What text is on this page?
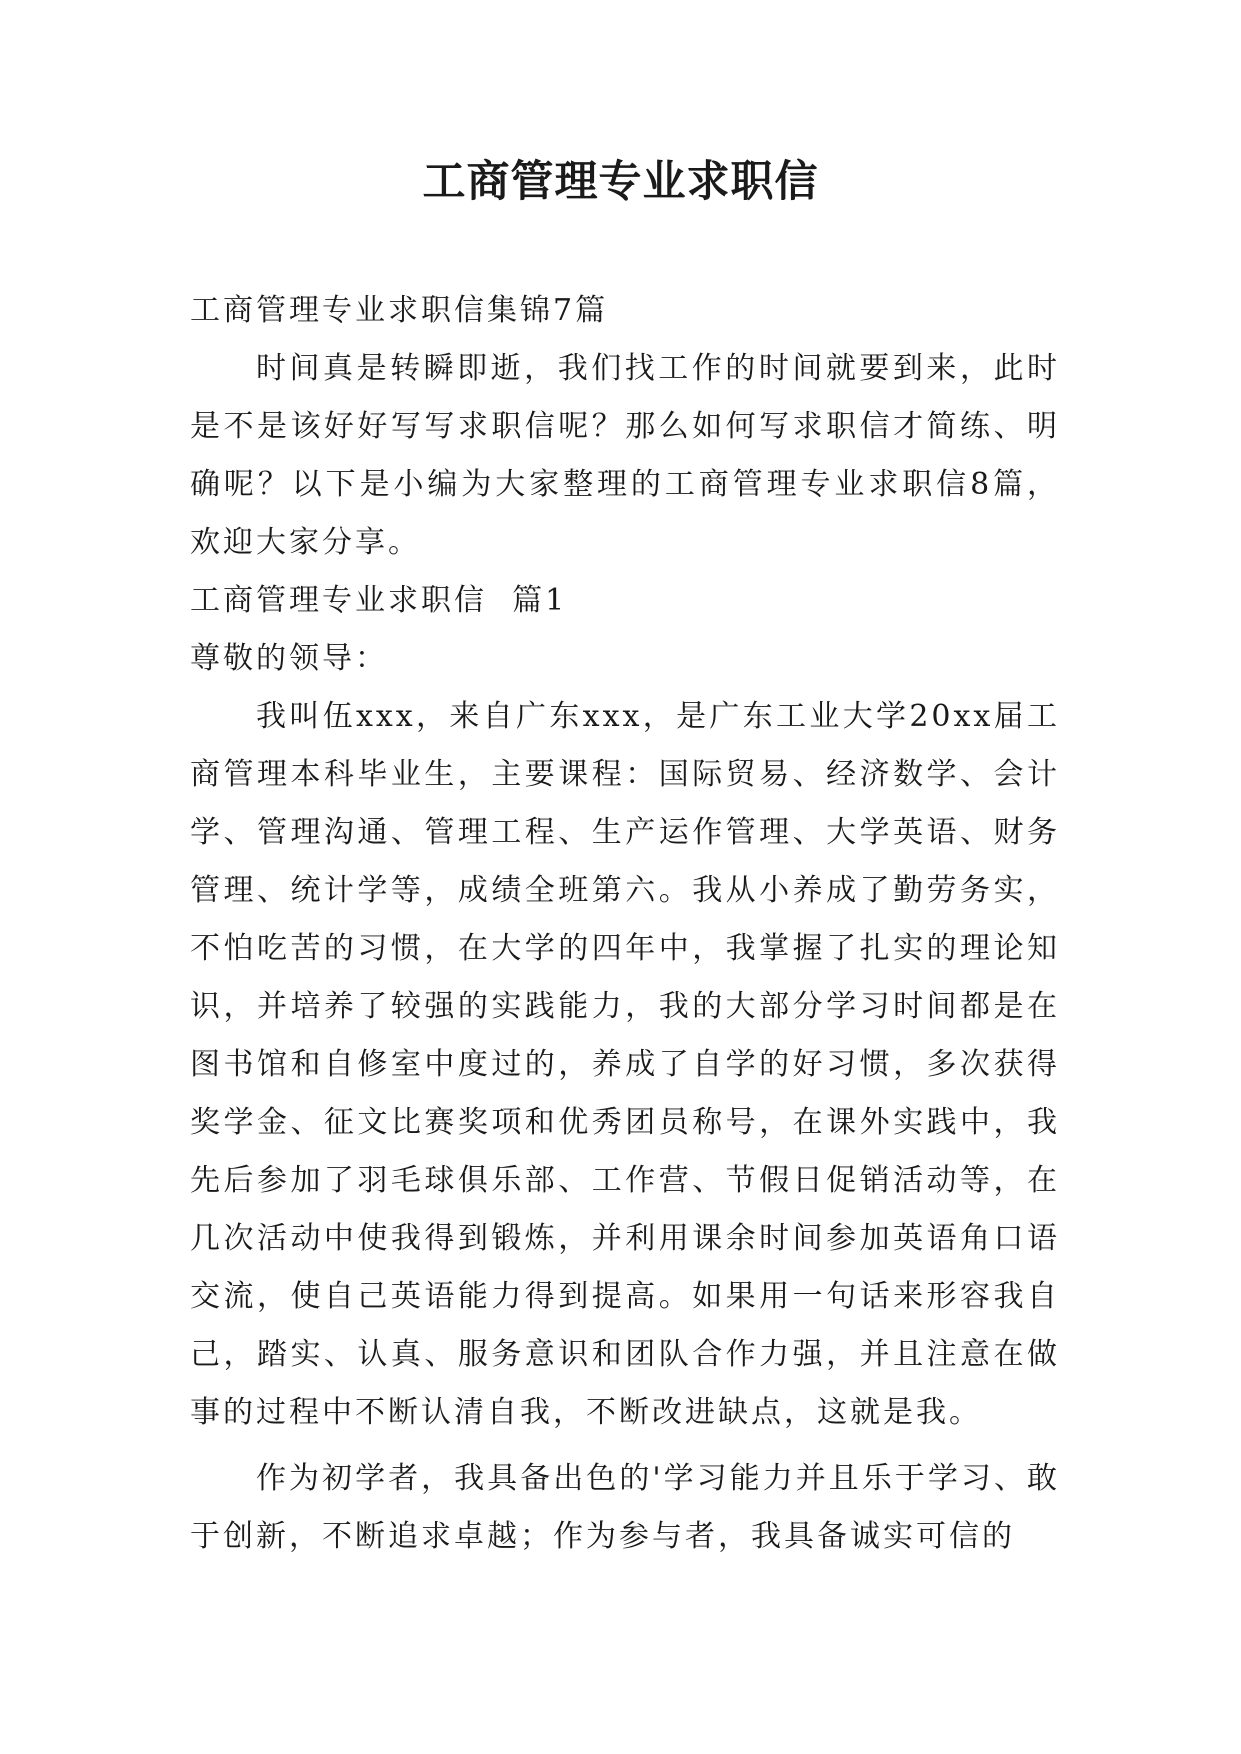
工商管理专业求职信

工商管理专业求职信集锦7篇

时间真是转瞬即逝，我们找工作的时间就要到来，此时是不是该好好写写求职信呢？那么如何写求职信才简练、明确呢？以下是小编为大家整理的工商管理专业求职信8篇，欢迎大家分享。

工商管理专业求职信  篇1

尊敬的领导：

我叫伍xxx，来自广东xxx，是广东工业大学20xx届工商管理本科毕业生，主要课程：国际贸易、经济数学、会计学、管理沟通、管理工程、生产运作管理、大学英语、财务管理、统计学等，成绩全班第六。我从小养成了勤劳务实，不怕吃苦的习惯，在大学的四年中，我掌握了扎实的理论知识，并培养了较强的实践能力，我的大部分学习时间都是在图书馆和自修室中度过的，养成了自学的好习惯，多次获得奖学金、征文比赛奖项和优秀团员称号，在课外实践中，我先后参加了羽毛球俱乐部、工作营、节假日促销活动等，在几次活动中使我得到锻炼，并利用课余时间参加英语角口语交流，使自己英语能力得到提高。如果用一句话来形容我自己，踏实、认真、服务意识和团队合作力强，并且注意在做事的过程中不断认清自我，不断改进缺点，这就是我。

作为初学者，我具备出色的'学习能力并且乐于学习、敢于创新，不断追求卓越；作为参与者，我具备诚实可信的
